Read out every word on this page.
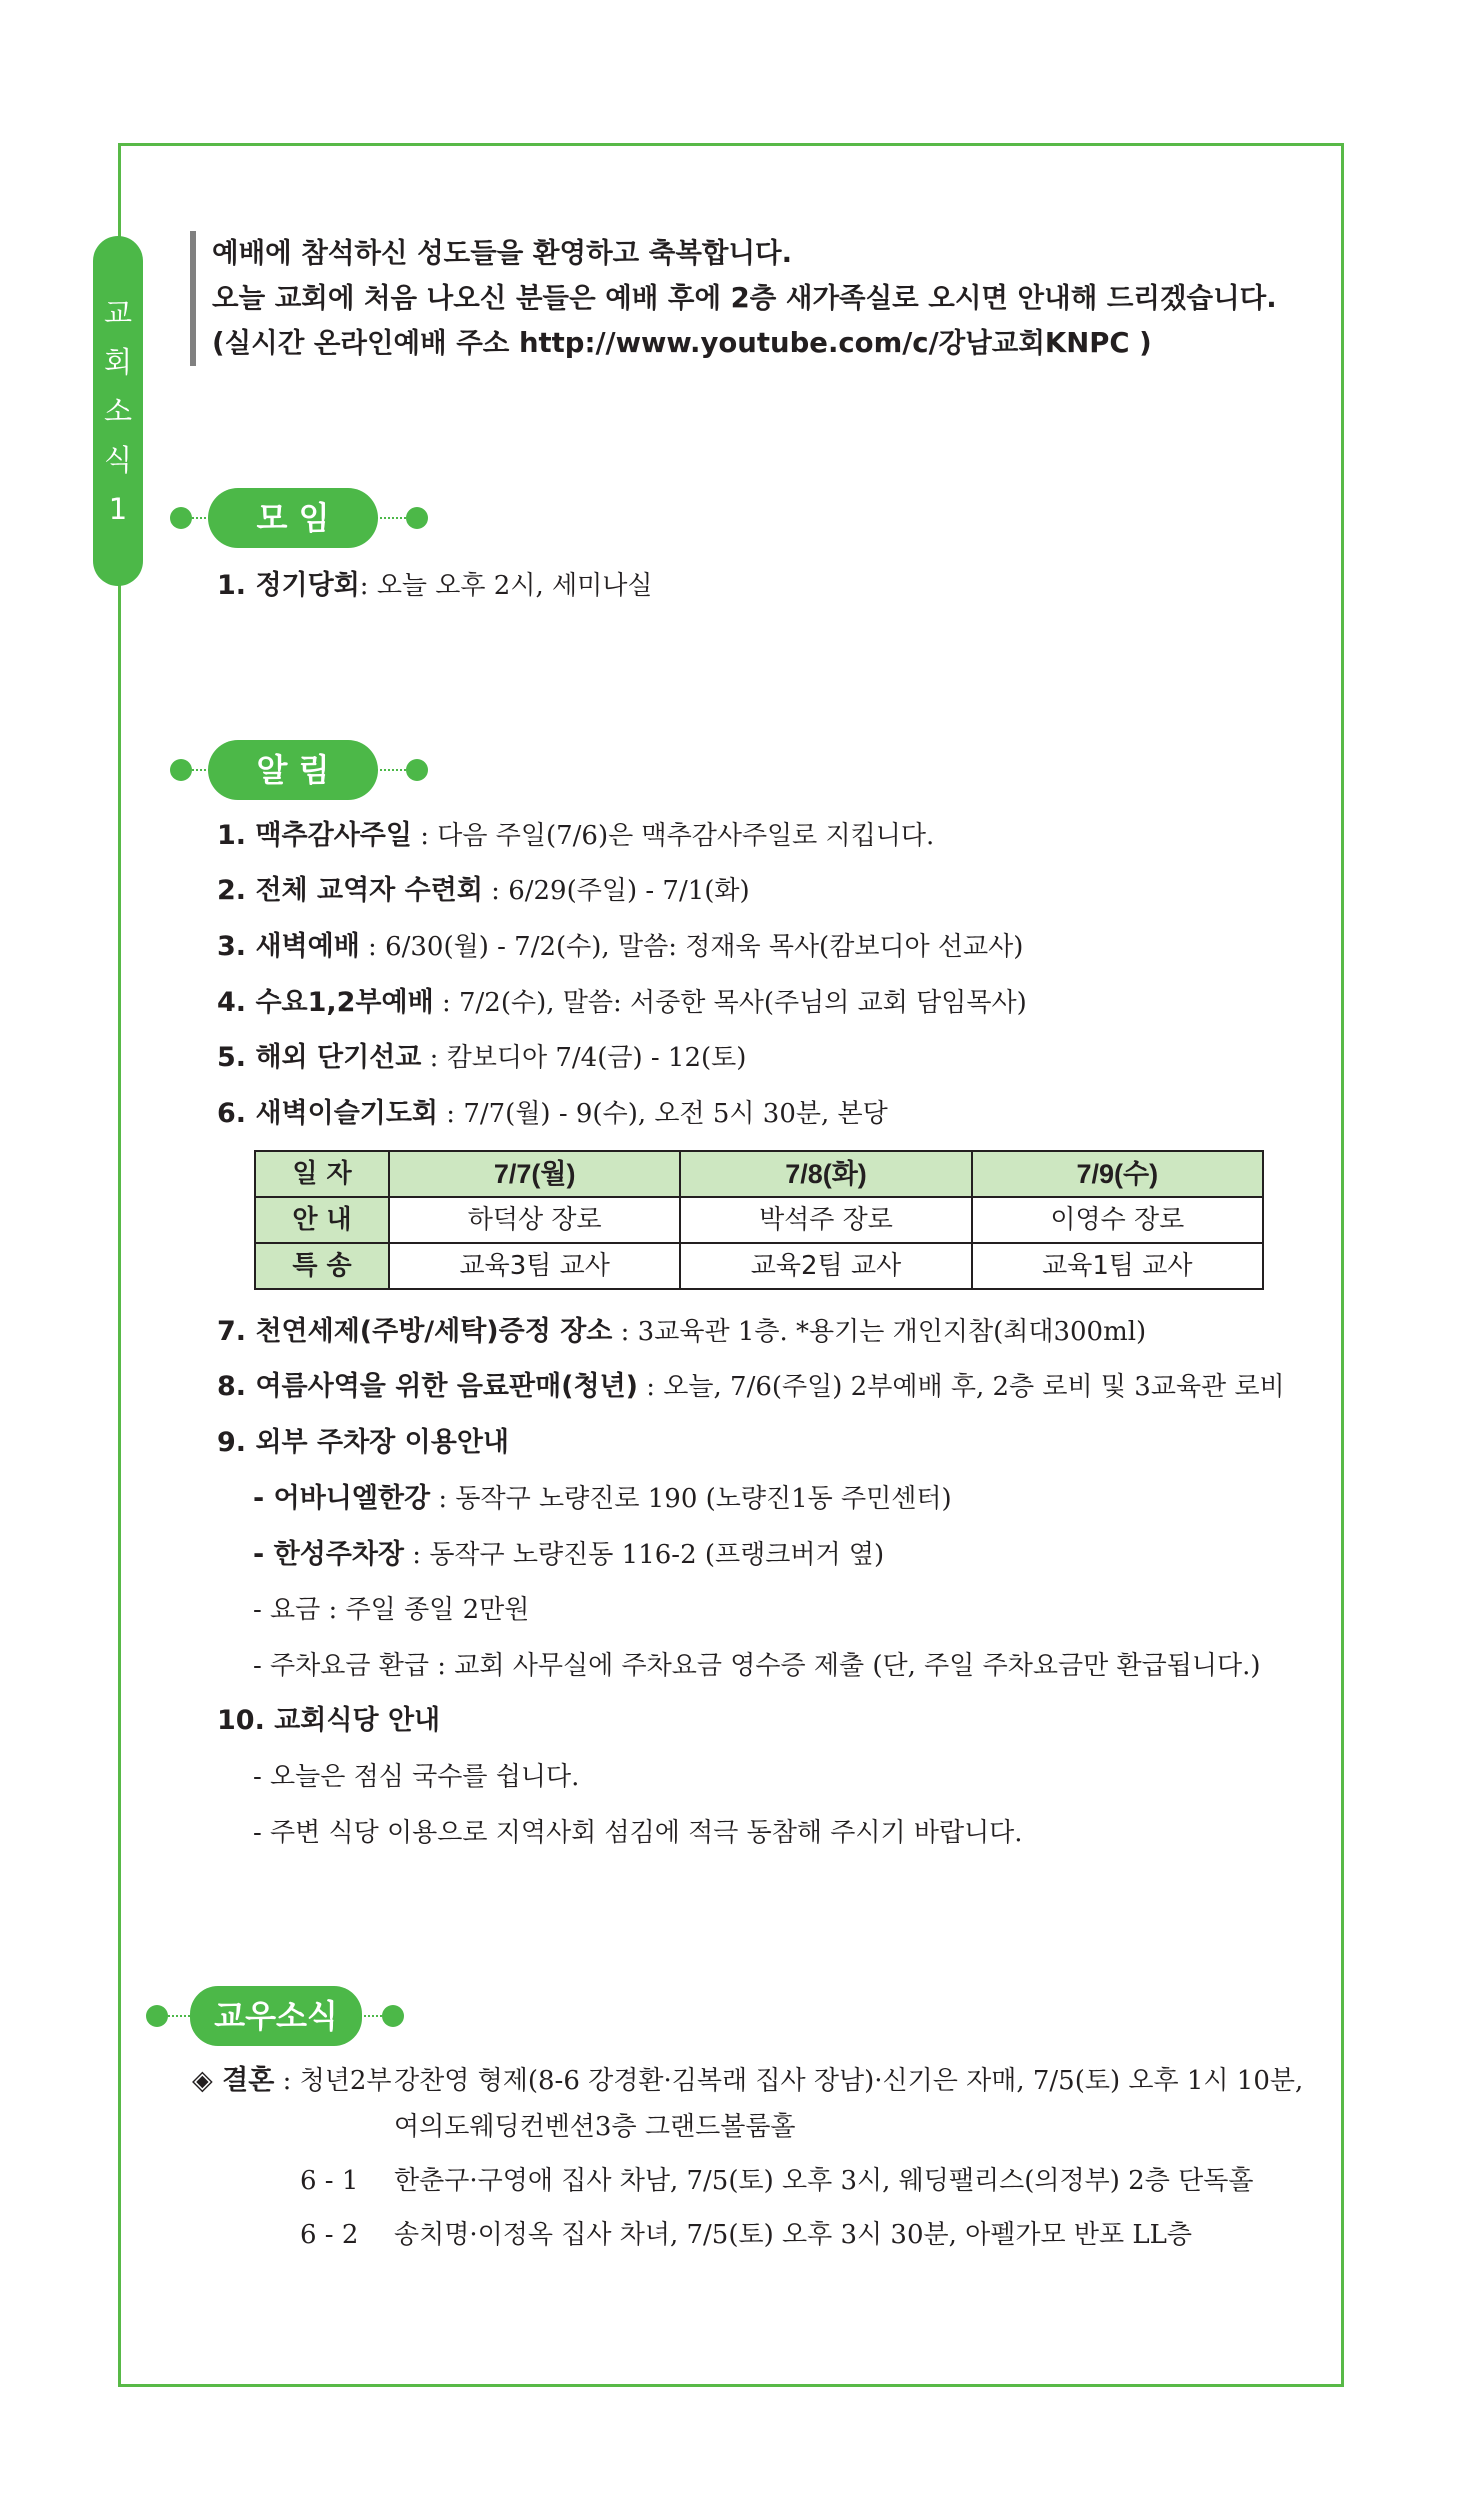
교
회
소
식
1
예배에 참석하신 성도들을 환영하고 축복합니다.
오늘 교회에 처음 나오신 분들은 예배 후에 2층 새가족실로 오시면 안내해 드리겠습니다.
(실시간 온라인예배 주소 http://www.youtube.com/c/강남교회KNPC )
모 임
1. 정기당회: 오늘 오후 2시, 세미나실
알 림
1. 맥추감사주일 : 다음 주일(7/6)은 맥추감사주일로 지킵니다.
2. 전체 교역자 수련회 : 6/29(주일) - 7/1(화)
3. 새벽예배 : 6/30(월) - 7/2(수), 말씀: 정재욱 목사(캄보디아 선교사)
4. 수요1,2부예배 : 7/2(수), 말씀: 서중한 목사(주님의 교회 담임목사)
5. 해외 단기선교 : 캄보디아 7/4(금) - 12(토)
6. 새벽이슬기도회 : 7/7(월) - 9(수), 오전 5시 30분, 본당
일 자	7/7(월)	7/8(화)	7/9(수)
안 내	하덕상 장로	박석주 장로	이영수 장로
특 송	교육3팀 교사	교육2팀 교사	교육1팀 교사
7. 천연세제(주방/세탁)증정 장소 : 3교육관 1층. *용기는 개인지참(최대300ml)
8. 여름사역을 위한 음료판매(청년) : 오늘, 7/6(주일) 2부예배 후, 2층 로비 및 3교육관 로비
9. 외부 주차장 이용안내
- 어바니엘한강 : 동작구 노량진로 190 (노량진1동 주민센터)
- 한성주차장 : 동작구 노량진동 116-2 (프랭크버거 옆)
- 요금 : 주일 종일 2만원
- 주차요금 환급 : 교회 사무실에 주차요금 영수증 제출 (단, 주일 주차요금만 환급됩니다.)
10. 교회식당 안내
- 오늘은 점심 국수를 쉽니다.
- 주변 식당 이용으로 지역사회 섬김에 적극 동참해 주시기 바랍니다.
교우소식
◈ 결혼 : 청년2부 강찬영 형제(8-6 강경환·김복래 집사 장남)·신기은 자매, 7/5(토) 오후 1시 10분,
여의도웨딩컨벤션3층 그랜드볼룸홀
6 - 1 한춘구·구영애 집사 차남, 7/5(토) 오후 3시, 웨딩팰리스(의정부) 2층 단독홀
6 - 2 송치명·이정옥 집사 차녀, 7/5(토) 오후 3시 30분, 아펠가모 반포 LL층
